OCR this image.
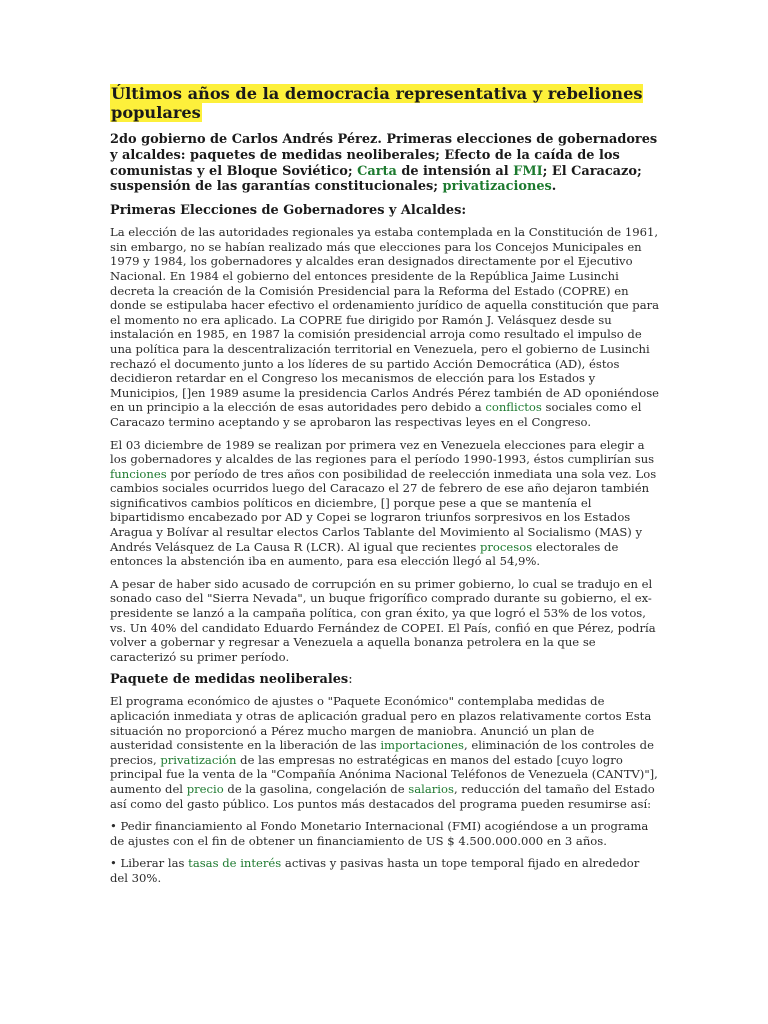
Últimos años de la democracia representativa y rebeliones
populares

2do gobierno de Carlos Andrés Pérez. Primeras elecciones de gobernadores y alcaldes: paquetes de medidas neoliberales; Efecto de la caída de los comunistas y el Bloque Soviético; Carta de intensión al FMI; El Caracazo; suspensión de las garantías constitucionales; privatizaciones.

Primeras Elecciones de Gobernadores y Alcaldes:

La elección de las autoridades regionales ya estaba contemplada en la Constitución de 1961, sin embargo, no se habían realizado más que elecciones para los Concejos Municipales en 1979 y 1984, los gobernadores y alcaldes eran designados directamente por el Ejecutivo Nacional. En 1984 el gobierno del entonces presidente de la República Jaime Lusinchi decreta la creación de la Comisión Presidencial para la Reforma del Estado (COPRE) en donde se estipulaba hacer efectivo el ordenamiento jurídico de aquella constitución que para el momento no era aplicado. La COPRE fue dirigido por Ramón J. Velásquez desde su instalación en 1985, en 1987 la comisión presidencial arroja como resultado el impulso de una política para la descentralización territorial en Venezuela, pero el gobierno de Lusinchi rechazó el documento junto a los líderes de su partido Acción Democrática (AD), éstos decidieron retardar en el Congreso los mecanismos de elección para los Estados y Municipios, []en 1989 asume la presidencia Carlos Andrés Pérez también de AD oponiéndose en un principio a la elección de esas autoridades pero debido a conflictos sociales como el Caracazo termino aceptando y se aprobaron las respectivas leyes en el Congreso.

El 03 diciembre de 1989 se realizan por primera vez en Venezuela elecciones para elegir a los gobernadores y alcaldes de las regiones para el período 1990-1993, éstos cumplirían sus funciones por período de tres años con posibilidad de reelección inmediata una sola vez. Los cambios sociales ocurridos luego del Caracazo el 27 de febrero de ese año dejaron también significativos cambios políticos en diciembre, [] porque pese a que se mantenía el bipartidismo encabezado por AD y Copei se lograron triunfos sorpresivos en los Estados Aragua y Bolívar al resultar electos Carlos Tablante del Movimiento al Socialismo (MAS) y Andrés Velásquez de La Causa R (LCR). Al igual que recientes procesos electorales de entonces la abstención iba en aumento, para esa elección llegó al 54,9%.

A pesar de haber sido acusado de corrupción en su primer gobierno, lo cual se tradujo en el sonado caso del "Sierra Nevada", un buque frigorífico comprado durante su gobierno, el ex-presidente se lanzó a la campaña política, con gran éxito, ya que logró el 53% de los votos, vs. Un 40% del candidato Eduardo Fernández de COPEI. El País, confió en que Pérez, podría volver a gobernar y regresar a Venezuela a aquella bonanza petrolera en la que se caracterizó su primer período.

Paquete de medidas neoliberales:

El programa económico de ajustes o "Paquete Económico" contemplaba medidas de aplicación inmediata y otras de aplicación gradual pero en plazos relativamente cortos Esta situación no proporcionó a Pérez mucho margen de maniobra. Anunció un plan de austeridad consistente en la liberación de las importaciones, eliminación de los controles de precios, privatización de las empresas no estratégicas en manos del estado [cuyo logro principal fue la venta de la "Compañía Anónima Nacional Teléfonos de Venezuela (CANTV)"], aumento del precio de la gasolina, congelación de salarios, reducción del tamaño del Estado así como del gasto público. Los puntos más destacados del programa pueden resumirse así:

• Pedir financiamiento al Fondo Monetario Internacional (FMI) acogiéndose a un programa de ajustes con el fin de obtener un financiamiento de US $ 4.500.000.000 en 3 años.

• Liberar las tasas de interés activas y pasivas hasta un tope temporal fijado en alrededor del 30%.
